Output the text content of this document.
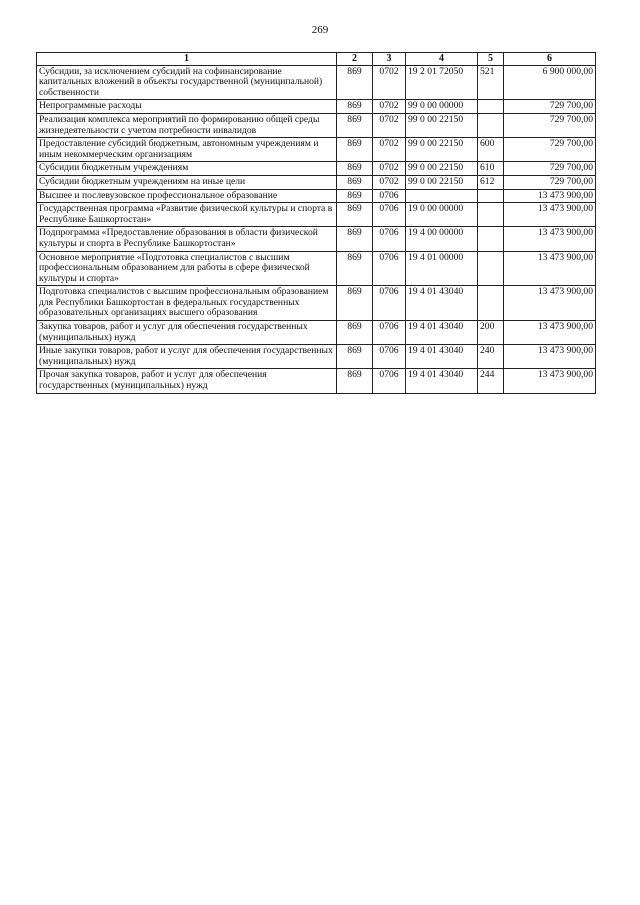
269
1	2	3	4	5	6
Субсидии, за исключением субсидий на софинансирование капитальных вложений в объекты государственной (муниципальной) собственности	869	0702	19 2 01 72050	521	6 900 000,00
Непрограммные расходы	869	0702	99 0 00 00000		729 700,00
Реализация комплекса мероприятий по формированию общей среды жизнедеятельности с учетом потребности инвалидов	869	0702	99 0 00 22150		729 700,00
Предоставление субсидий бюджетным, автономным учреждениям и иным некоммерческим организациям	869	0702	99 0 00 22150	600	729 700,00
Субсидии бюджетным учреждениям	869	0702	99 0 00 22150	610	729 700,00
Субсидии бюджетным учреждениям на иные цели	869	0702	99 0 00 22150	612	729 700,00
Высшее и послевузовское профессиональное образование	869	0706			13 473 900,00
Государственная программа «Развитие физической культуры и спорта в Республике Башкортостан»	869	0706	19 0 00 00000		13 473 900,00
Подпрограмма «Предоставление образования в области физической культуры и спорта в Республике Башкортостан»	869	0706	19 4 00 00000		13 473 900,00
Основное мероприятие «Подготовка специалистов с высшим профессиональным образованием для работы в сфере физической культуры и спорта»	869	0706	19 4 01 00000		13 473 900,00
Подготовка специалистов с высшим профессиональным образованием для Республики Башкортостан в федеральных государственных образовательных организациях высшего образования	869	0706	19 4 01 43040		13 473 900,00
Закупка товаров, работ и услуг для обеспечения государственных (муниципальных) нужд	869	0706	19 4 01 43040	200	13 473 900,00
Иные закупки товаров, работ и услуг для обеспечения государственных (муниципальных) нужд	869	0706	19 4 01 43040	240	13 473 900,00
Прочая закупка товаров, работ и услуг для обеспечения государственных (муниципальных) нужд	869	0706	19 4 01 43040	244	13 473 900,00
